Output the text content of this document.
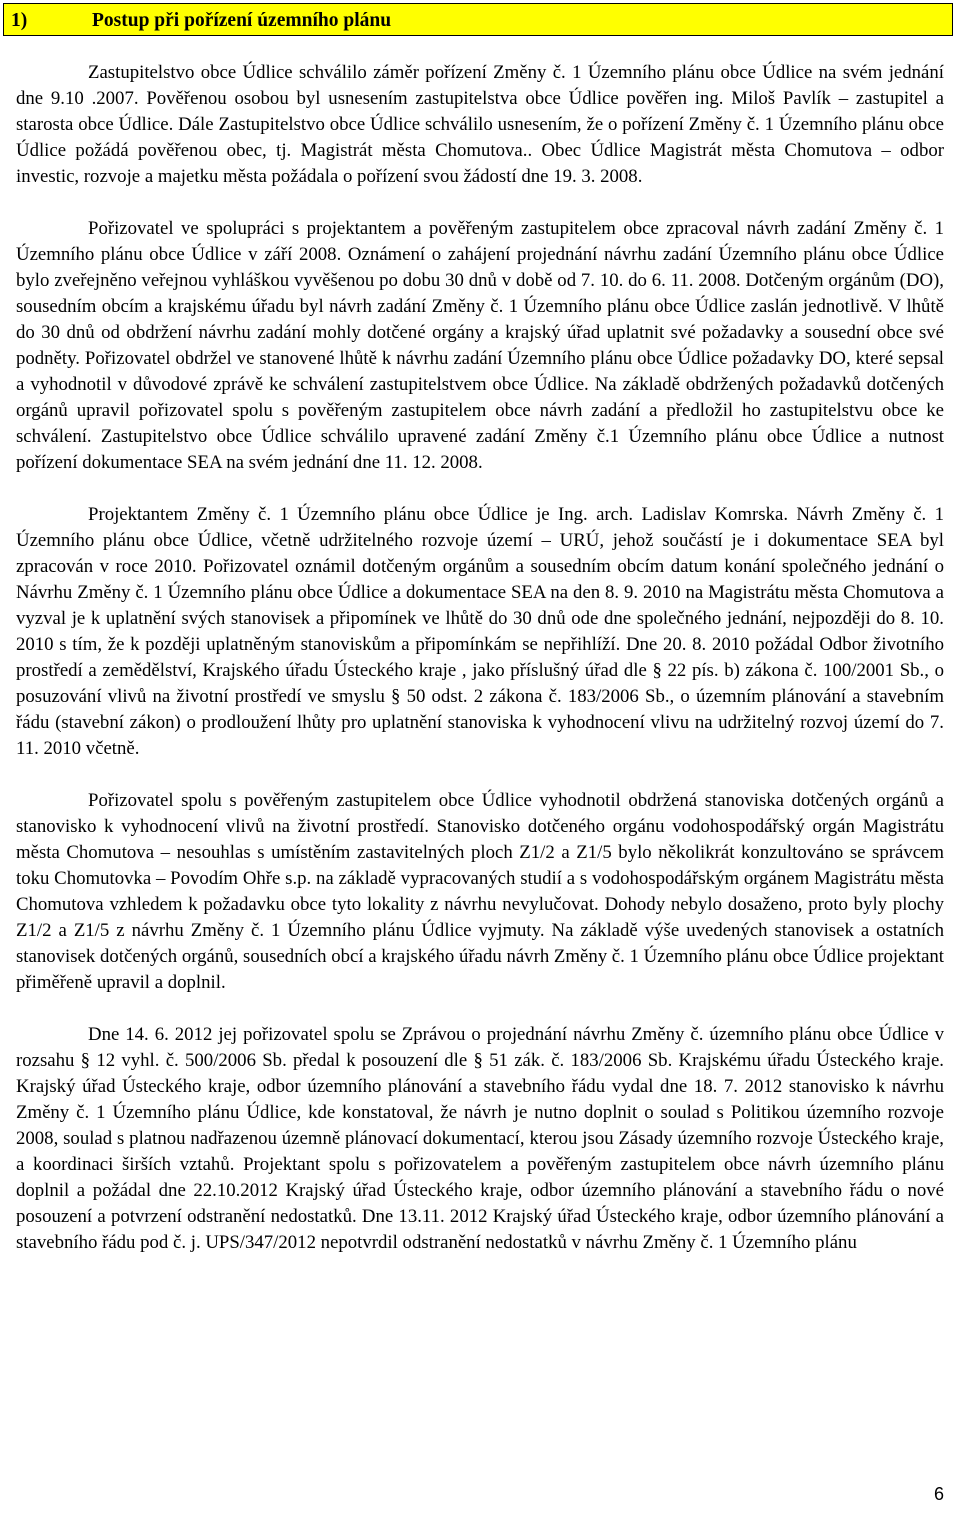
1)	Postup při pořízení územního plánu

Zastupitelstvo obce Údlice schválilo záměr pořízení Změny č. 1 Územního plánu obce Údlice na svém jednání dne 9.10 .2007. Pověřenou osobou byl usnesením zastupitelstva obce Údlice pověřen ing. Miloš Pavlík – zastupitel a starosta obce Údlice. Dále Zastupitelstvo obce Údlice schválilo usnesením, že o pořízení Změny č. 1 Územního plánu obce Údlice požádá pověřenou obec, tj. Magistrát města Chomutova.. Obec Údlice Magistrát města Chomutova – odbor investic, rozvoje a majetku města požádala o pořízení svou žádostí dne 19. 3. 2008.

Pořizovatel ve spolupráci s projektantem a pověřeným zastupitelem obce zpracoval návrh zadání Změny č. 1 Územního plánu obce Údlice v září 2008. Oznámení o zahájení projednání návrhu zadání Územního plánu obce Údlice bylo zveřejněno veřejnou vyhláškou vyvěšenou po dobu 30 dnů v době od 7. 10. do 6. 11. 2008. Dotčeným orgánům (DO), sousedním obcím a krajskému úřadu byl návrh zadání Změny č. 1 Územního plánu obce Údlice zaslán jednotlivě. V lhůtě do 30 dnů od obdržení návrhu zadání mohly dotčené orgány a krajský úřad uplatnit své požadavky a sousední obce své podněty. Pořizovatel obdržel ve stanovené lhůtě k návrhu zadání Územního plánu obce Údlice požadavky DO, které sepsal a vyhodnotil v důvodové zprávě ke schválení zastupitelstvem obce Údlice. Na základě obdržených požadavků dotčených orgánů upravil pořizovatel spolu s pověřeným zastupitelem obce návrh zadání a předložil ho zastupitelstvu obce ke schválení. Zastupitelstvo obce Údlice schválilo upravené zadání Změny č.1 Územního plánu obce Údlice a nutnost pořízení dokumentace SEA na svém jednání dne 11. 12. 2008.

Projektantem Změny č. 1 Územního plánu obce Údlice je Ing. arch. Ladislav Komrska. Návrh Změny č. 1 Územního plánu obce Údlice, včetně udržitelného rozvoje území – URÚ, jehož součástí je i dokumentace SEA byl zpracován v roce 2010. Pořizovatel oznámil dotčeným orgánům a sousedním obcím datum konání společného jednání o Návrhu Změny č. 1 Územního plánu obce Údlice a dokumentace SEA na den 8. 9. 2010 na Magistrátu města Chomutova a vyzval je k uplatnění svých stanovisek a připomínek ve lhůtě do 30 dnů ode dne společného jednání, nejpozději do 8. 10. 2010 s tím, že k později uplatněným stanoviskům a připomínkám se nepřihlíží. Dne 20. 8. 2010 požádal Odbor životního prostředí a zemědělství, Krajského úřadu Ústeckého kraje , jako příslušný úřad dle § 22 pís. b) zákona č. 100/2001 Sb., o posuzování vlivů na životní prostředí ve smyslu § 50 odst. 2 zákona č. 183/2006 Sb., o územním plánování a stavebním řádu (stavební zákon) o prodloužení lhůty pro uplatnění stanoviska k vyhodnocení vlivu na udržitelný rozvoj území do 7. 11. 2010 včetně.

Pořizovatel spolu s pověřeným zastupitelem obce Údlice vyhodnotil obdržená stanoviska dotčených orgánů a stanovisko k vyhodnocení vlivů na životní prostředí. Stanovisko dotčeného orgánu vodohospodářský orgán Magistrátu města Chomutova – nesouhlas s umístěním zastavitelných ploch Z1/2 a Z1/5 bylo několikrát konzultováno se správcem toku Chomutovka – Povodím Ohře s.p. na základě vypracovaných studií a s vodohospodářským orgánem Magistrátu města Chomutova vzhledem k požadavku obce tyto lokality z návrhu nevylučovat. Dohody nebylo dosaženo, proto byly plochy Z1/2 a Z1/5 z návrhu Změny č. 1 Územního plánu Údlice vyjmuty. Na základě výše uvedených stanovisek a ostatních stanovisek dotčených orgánů, sousedních obcí a krajského úřadu návrh Změny č. 1 Územního plánu obce Údlice projektant přiměřeně upravil a doplnil.

Dne 14. 6. 2012 jej pořizovatel spolu se Zprávou o projednání návrhu Změny č. územního plánu obce Údlice v rozsahu § 12 vyhl. č. 500/2006 Sb. předal k posouzení dle § 51 zák. č. 183/2006 Sb. Krajskému úřadu Ústeckého kraje. Krajský úřad Ústeckého kraje, odbor územního plánování a stavebního řádu vydal dne 18. 7. 2012 stanovisko k návrhu Změny č. 1 Územního plánu Údlice, kde konstatoval, že návrh je nutno doplnit o soulad s Politikou územního rozvoje 2008, soulad s platnou nadřazenou územně plánovací dokumentací, kterou jsou Zásady územního rozvoje Ústeckého kraje, a koordinaci širších vztahů. Projektant spolu s pořizovatelem a pověřeným zastupitelem obce návrh územního plánu doplnil a požádal dne 22.10.2012 Krajský úřad Ústeckého kraje, odbor územního plánování a stavebního řádu o nové posouzení a potvrzení odstranění nedostatků. Dne 13.11. 2012 Krajský úřad Ústeckého kraje, odbor územního plánování a stavebního řádu pod č. j. UPS/347/2012 nepotvrdil odstranění nedostatků v návrhu Změny č. 1 Územního plánu

6
